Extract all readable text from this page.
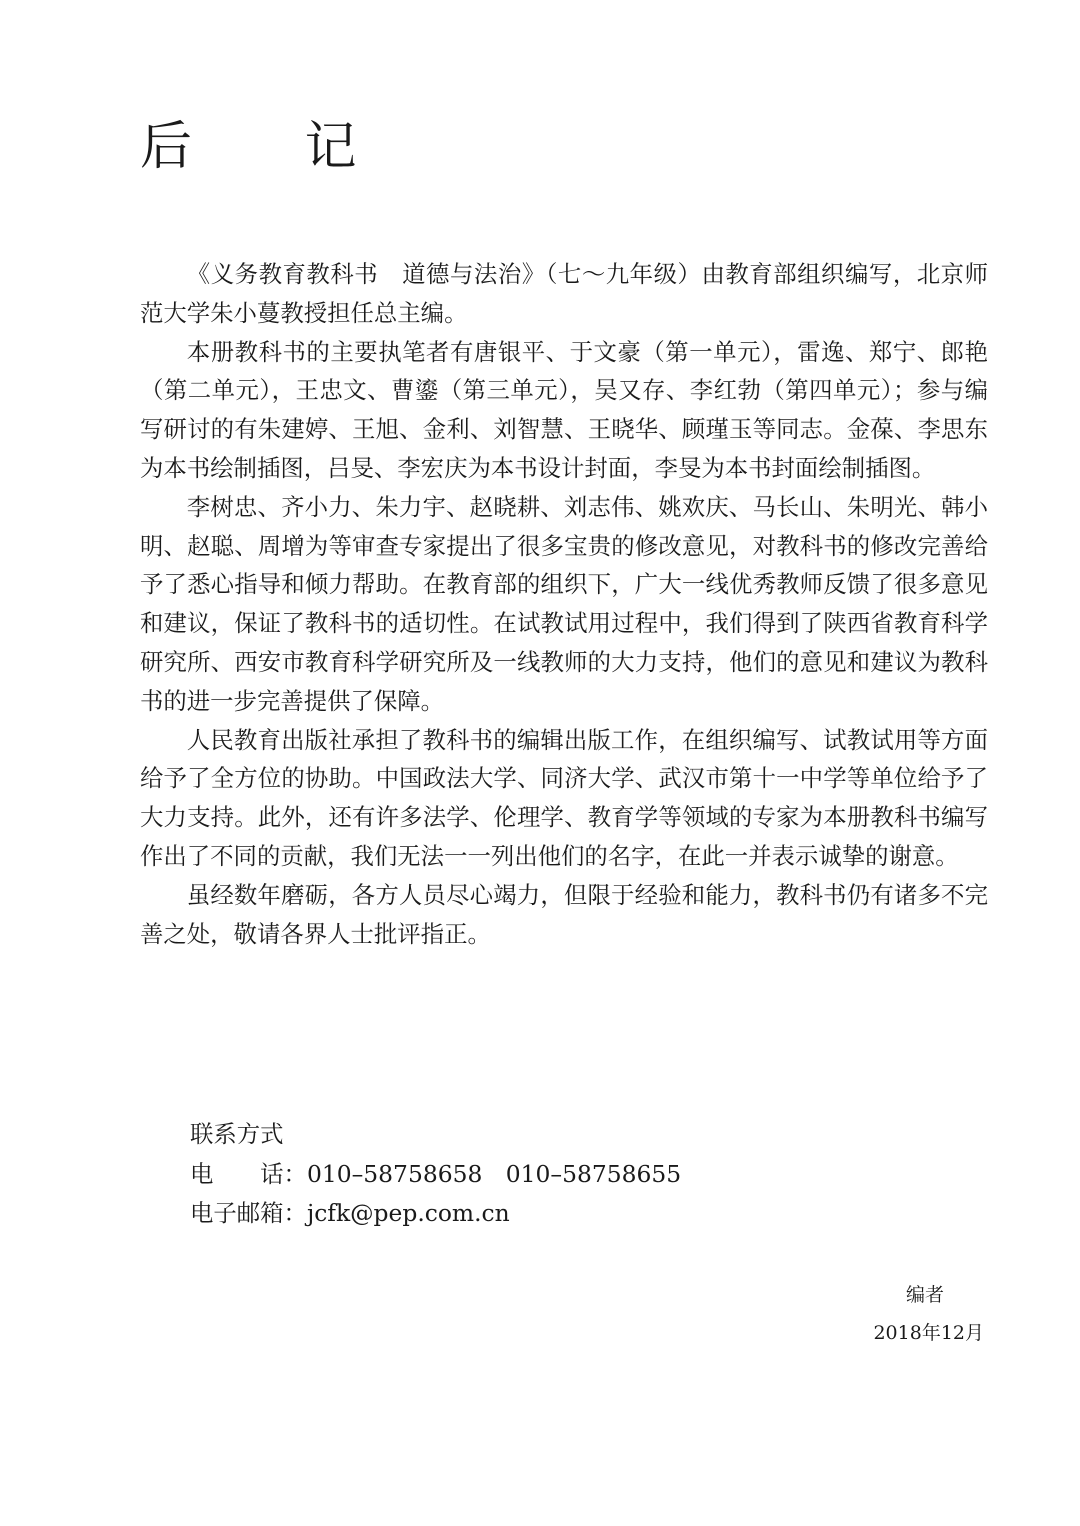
后 记

《义务教育教科书　道德与法治》（七～九年级）由教育部组织编写，北京师范大学朱小蔓教授担任总主编。

本册教科书的主要执笔者有唐银平、于文豪（第一单元），雷逸、郑宁、郎艳（第二单元），王忠文、曹鎏（第三单元），吴又存、李红勃（第四单元）；参与编写研讨的有朱建婷、王旭、金利、刘智慧、王晓华、顾瑾玉等同志。金葆、李思东为本书绘制插图，吕旻、李宏庆为本书设计封面，李旻为本书封面绘制插图。

李树忠、齐小力、朱力宇、赵晓耕、刘志伟、姚欢庆、马长山、朱明光、韩小明、赵聪、周增为等审查专家提出了很多宝贵的修改意见，对教科书的修改完善给予了悉心指导和倾力帮助。在教育部的组织下，广大一线优秀教师反馈了很多意见和建议，保证了教科书的适切性。在试教试用过程中，我们得到了陕西省教育科学研究所、西安市教育科学研究所及一线教师的大力支持，他们的意见和建议为教科书的进一步完善提供了保障。

人民教育出版社承担了教科书的编辑出版工作，在组织编写、试教试用等方面给予了全方位的协助。中国政法大学、同济大学、武汉市第十一中学等单位给予了大力支持。此外，还有许多法学、伦理学、教育学等领域的专家为本册教科书编写作出了不同的贡献，我们无法一一列出他们的名字，在此一并表示诚挚的谢意。

虽经数年磨砺，各方人员尽心竭力，但限于经验和能力，教科书仍有诸多不完善之处，敬请各界人士批评指正。

联系方式
电　　话：010–58758658　010–58758655
电子邮箱：jcfk@pep.com.cn
编者
2018年12月
